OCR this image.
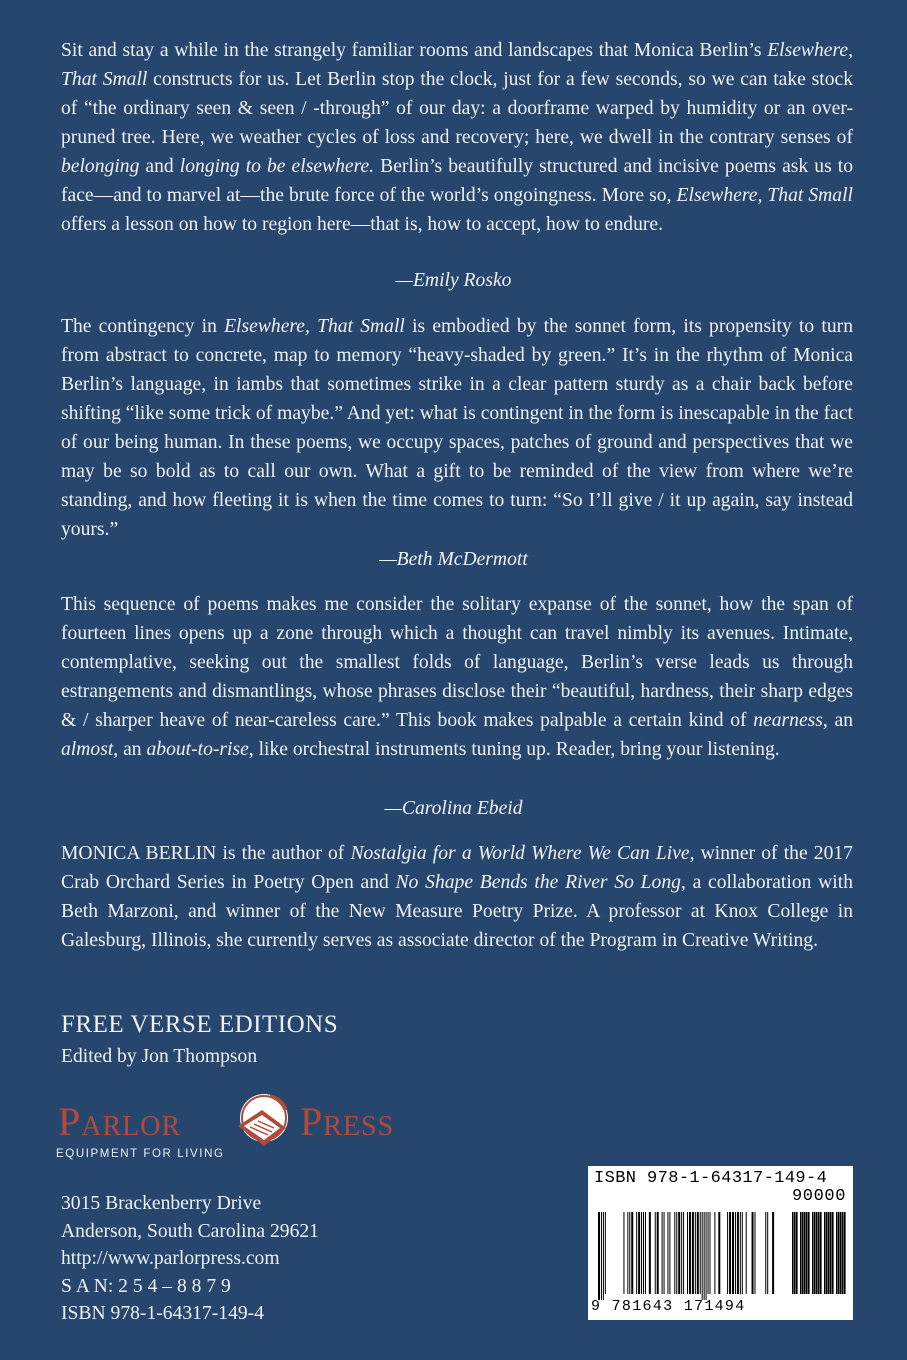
Sit and stay a while in the strangely familiar rooms and landscapes that Monica Berlin’s Elsewhere, That Small constructs for us. Let Berlin stop the clock, just for a few seconds, so we can take stock of “the ordinary seen & seen / -through” of our day: a doorframe warped by humidity or an over-pruned tree. Here, we weather cycles of loss and recovery; here, we dwell in the contrary senses of belonging and longing to be elsewhere. Berlin’s beautifully structured and incisive poems ask us to face—and to marvel at—the brute force of the world’s ongoingness. More so, Elsewhere, That Small offers a lesson on how to region here—that is, how to accept, how to endure.

—Emily Rosko

The contingency in Elsewhere, That Small is embodied by the sonnet form, its propensity to turn from abstract to concrete, map to memory “heavy-shaded by green.” It’s in the rhythm of Monica Berlin’s language, in iambs that sometimes strike in a clear pattern sturdy as a chair back before shifting “like some trick of maybe.” And yet: what is contingent in the form is inescapable in the fact of our being human. In these poems, we occupy spaces, patches of ground and perspectives that we may be so bold as to call our own. What a gift to be reminded of the view from where we’re standing, and how fleeting it is when the time comes to turn: “So I’ll give / it up again, say instead yours.”

—Beth McDermott

This sequence of poems makes me consider the solitary expanse of the sonnet, how the span of fourteen lines opens up a zone through which a thought can travel nimbly its avenues. Intimate, contemplative, seeking out the smallest folds of language, Berlin’s verse leads us through estrangements and dismantlings, whose phrases disclose their “beautiful, hardness, their sharp edges & / sharper heave of near-careless care.” This book makes palpable a certain kind of nearness, an almost, an about-to-rise, like orchestral instruments tuning up. Reader, bring your listening.

—Carolina Ebeid

MONICA BERLIN is the author of Nostalgia for a World Where We Can Live, winner of the 2017 Crab Orchard Series in Poetry Open and No Shape Bends the River So Long, a collaboration with Beth Marzoni, and winner of the New Measure Poetry Prize. A professor at Knox College in Galesburg, Illinois, she currently serves as associate director of the Program in Creative Writing.

FREE VERSE EDITIONS
Edited by Jon Thompson
Parlor	Press
EQUIPMENT FOR LIVING
3015 Brackenberry Drive
Anderson, South Carolina 29621
http://www.parlorpress.com
S A N: 2 5 4 – 8 8 7 9
ISBN 978-1-64317-149-4
ISBN 978-1-64317-149-4
90000
9 781643 171494
